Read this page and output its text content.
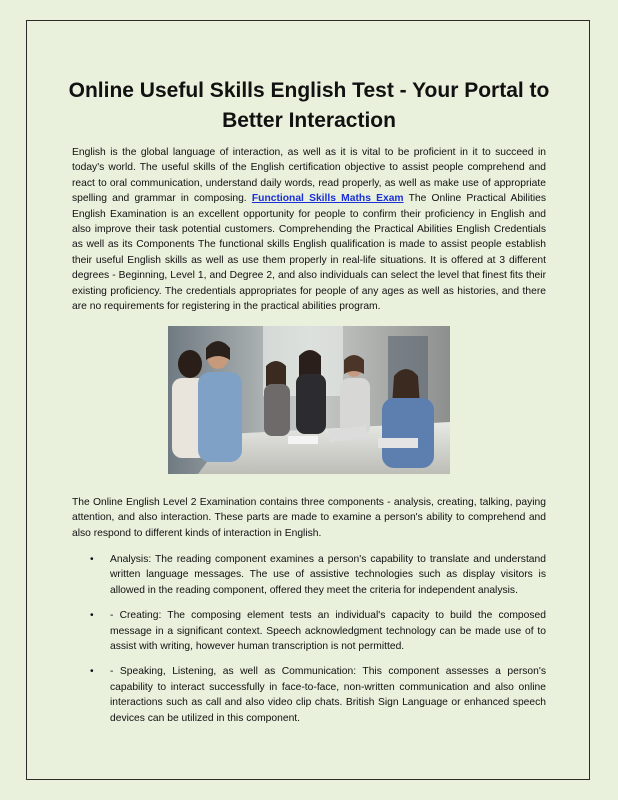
Online Useful Skills English Test - Your Portal to Better Interaction

English is the global language of interaction, as well as it is vital to be proficient in it to succeed in today's world. The useful skills of the English certification objective to assist people comprehend and react to oral communication, understand daily words, read properly, as well as make use of appropriate spelling and grammar in composing. Functional Skills Maths Exam The Online Practical Abilities English Examination is an excellent opportunity for people to confirm their proficiency in English and also improve their task potential customers. Comprehending the Practical Abilities English Credentials as well as its Components The functional skills English qualification is made to assist people establish their useful English skills as well as use them properly in real-life situations. It is offered at 3 different degrees - Beginning, Level 1, and Degree 2, and also individuals can select the level that finest fits their existing proficiency. The credentials appropriates for people of any ages as well as histories, and there are no requirements for registering in the practical abilities program.

The Online English Level 2 Examination contains three components - analysis, creating, talking, paying attention, and also interaction. These parts are made to examine a person's ability to comprehend and also respond to different kinds of interaction in English.

• Analysis: The reading component examines a person's capability to translate and understand written language messages. The use of assistive technologies such as display visitors is allowed in the reading component, offered they meet the criteria for independent analysis.
• - Creating: The composing element tests an individual's capacity to build the composed message in a significant context. Speech acknowledgment technology can be made use of to assist with writing, however human transcription is not permitted.
• - Speaking, Listening, as well as Communication: This component assesses a person's capability to interact successfully in face-to-face, non-written communication and also online interactions such as call and also video clip chats. British Sign Language or enhanced speech devices can be utilized in this component.
